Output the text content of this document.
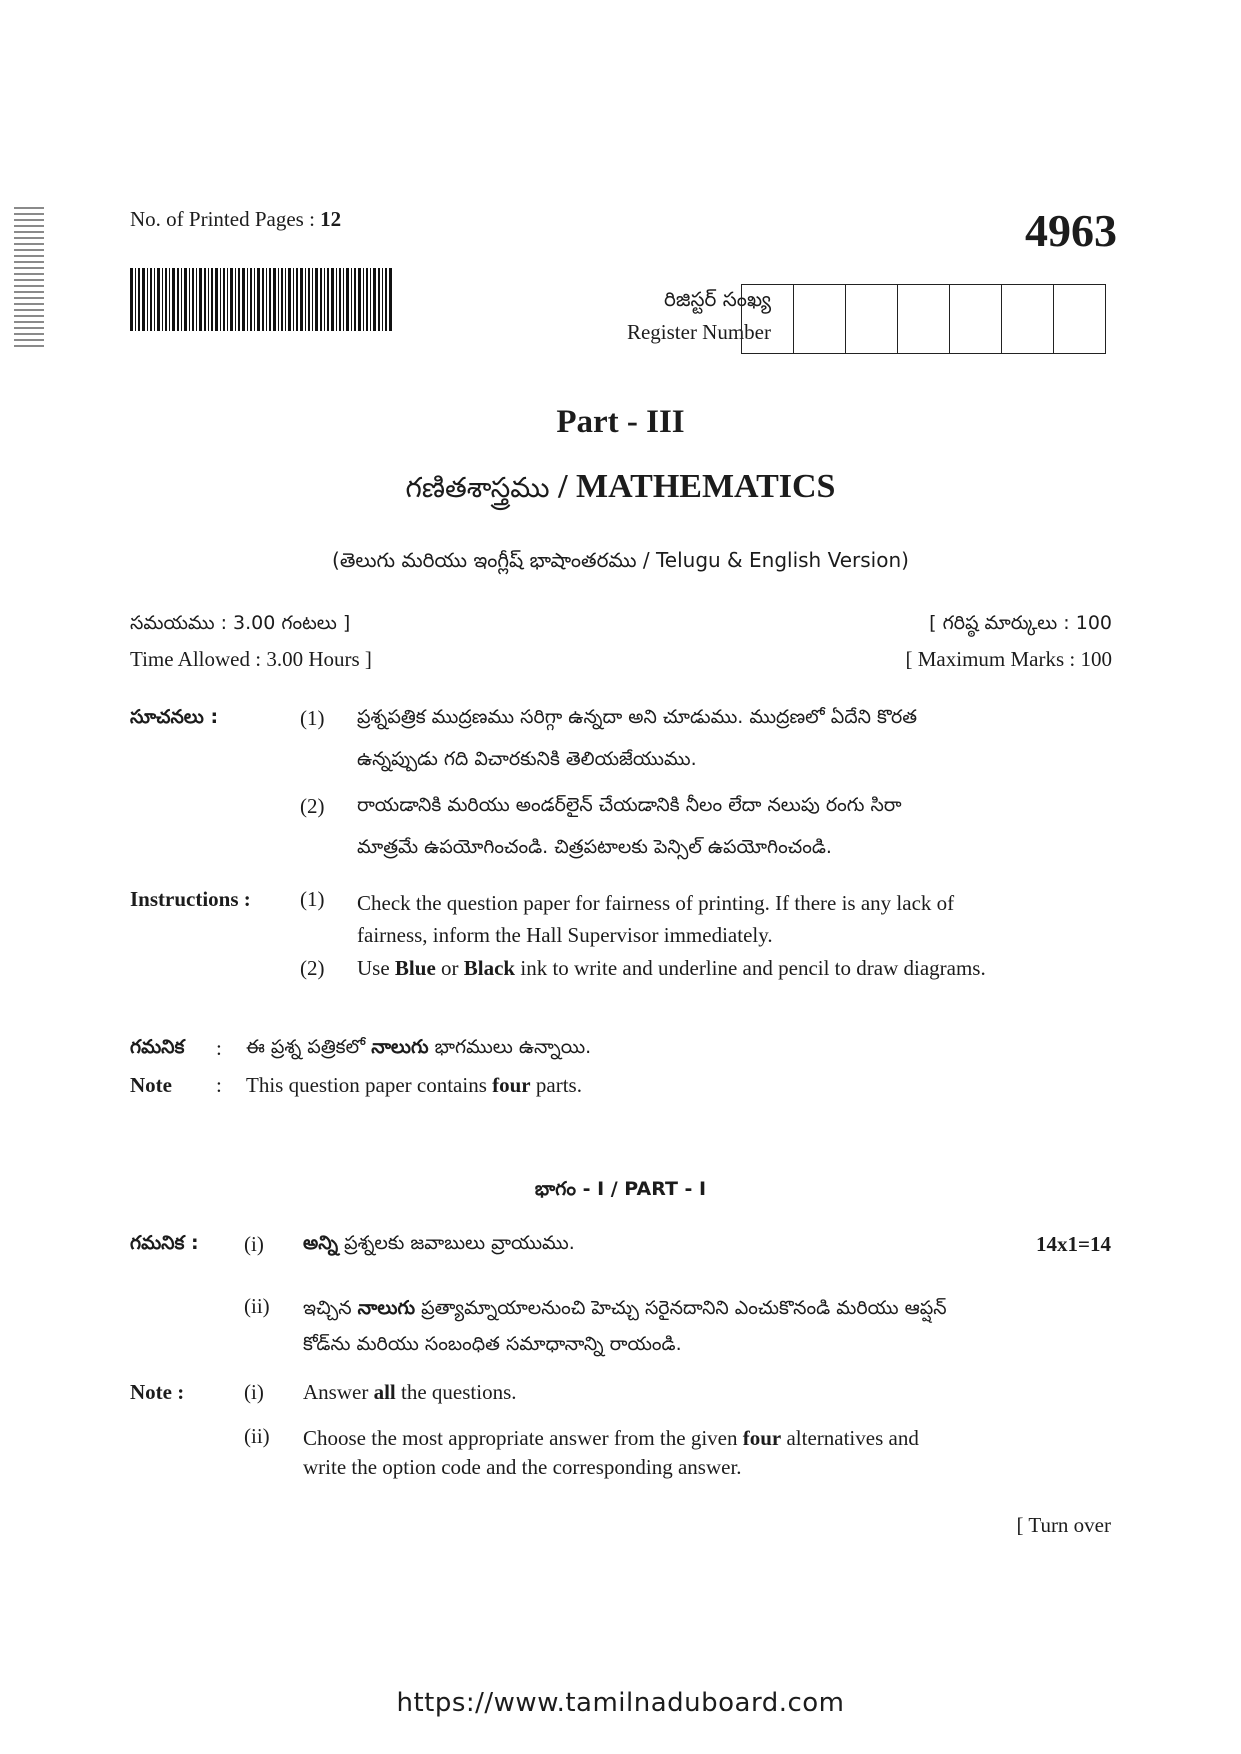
No. of Printed Pages : 12	4963
రిజిస్టర్ సంఖ్య
Register Number
Part - III
గణితశాస్త్రము / MATHEMATICS
(తెలుగు మరియు ఇంగ్లీష్ భాషాంతరము / Telugu & English Version)
సమయము : 3.00 గంటలు ]	[ గరిష్ఠ మార్కులు : 100
Time Allowed : 3.00 Hours ]	[ Maximum Marks : 100
సూచనలు :	(1) ప్రశ్నపత్రిక ముద్రణము సరిగ్గా ఉన్నదా అని చూడుము. ముద్రణలో ఏదేని కొరత
ఉన్నప్పుడు గది విచారకునికి తెలియజేయుము.
(2) రాయడానికి మరియు అండర్‌లైన్ చేయడానికి నీలం లేదా నలుపు రంగు సిరా
మాత్రమే ఉపయోగించండి. చిత్రపటాలకు పెన్సిల్ ఉపయోగించండి.
Instructions : (1) Check the question paper for fairness of printing. If there is any lack of
fairness, inform the Hall Supervisor immediately.
(2) Use Blue or Black ink to write and underline and pencil to draw diagrams.
గమనిక : ఈ ప్రశ్న పత్రికలో నాలుగు భాగములు ఉన్నాయి.
Note : This question paper contains four parts.
భాగం - I / PART - I
గమనిక : (i) అన్ని ప్రశ్నలకు జవాబులు వ్రాయుము.	14x1=14
(ii) ఇచ్చిన నాలుగు ప్రత్యామ్నాయాలనుంచి హెచ్చు సరైనదానిని ఎంచుకొనండి మరియు ఆప్షన్
కోడ్‌ను మరియు సంబంధిత సమాధానాన్ని రాయండి.
Note :	(i) Answer all the questions.
(ii) Choose the most appropriate answer from the given four alternatives and
write the option code and the corresponding answer.
[ Turn over
https://www.tamilnaduboard.com
